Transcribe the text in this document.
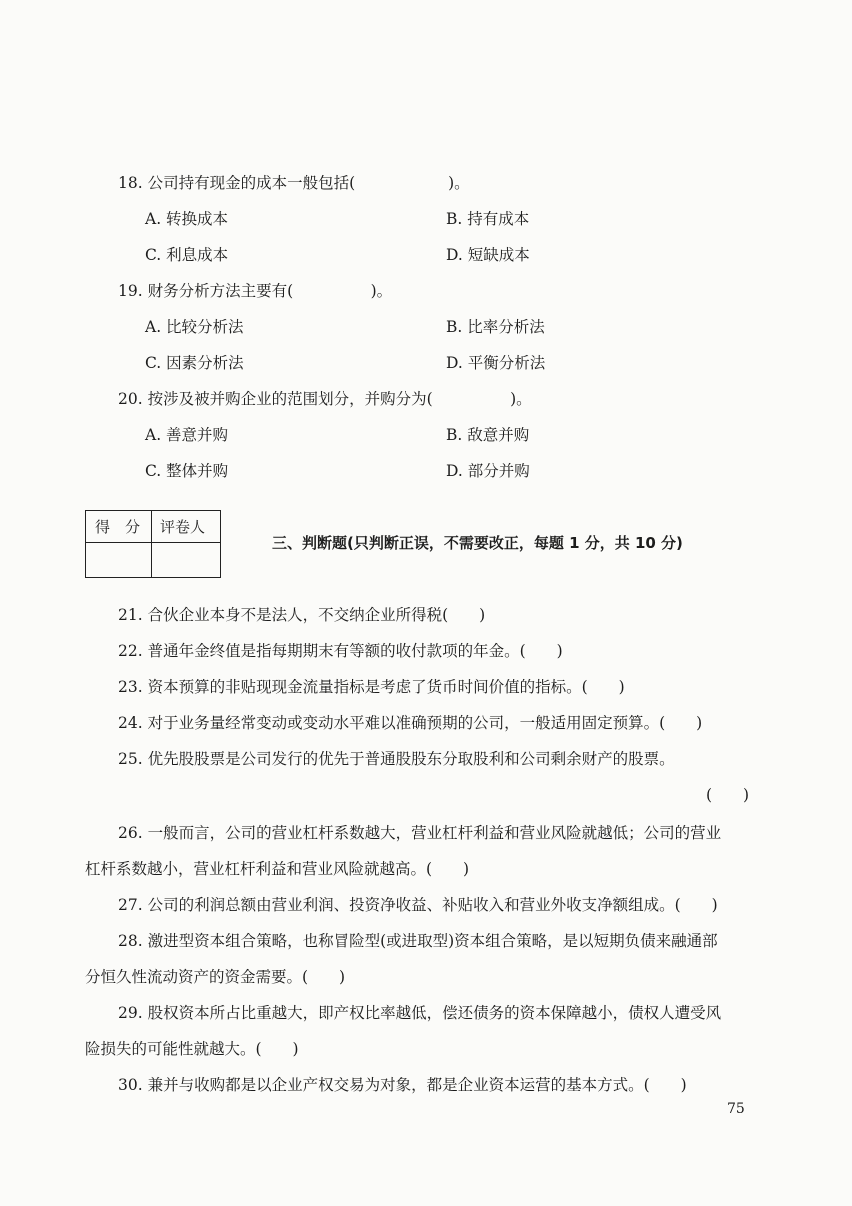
18. 公司持有现金的成本一般包括(　　　　　　)。
A. 转换成本	B. 持有成本
C. 利息成本	D. 短缺成本
19. 财务分析方法主要有(　　　　　)。
A. 比较分析法	B. 比率分析法
C. 因素分析法	D. 平衡分析法
20. 按涉及被并购企业的范围划分，并购分为(　　　　　)。
A. 善意并购	B. 敌意并购
C. 整体并购	D. 部分并购
得　分 评卷人
三、判断题(只判断正误，不需要改正，每题 1 分，共 10 分)
21. 合伙企业本身不是法人，不交纳企业所得税(　　)
22. 普通年金终值是指每期期末有等额的收付款项的年金。(　　)
23. 资本预算的非贴现现金流量指标是考虑了货币时间价值的指标。(　　)
24. 对于业务量经常变动或变动水平难以准确预期的公司，一般适用固定预算。(　　)
25. 优先股股票是公司发行的优先于普通股股东分取股利和公司剩余财产的股票。
(　　)
26. 一般而言，公司的营业杠杆系数越大，营业杠杆利益和营业风险就越低；公司的营业
杠杆系数越小，营业杠杆利益和营业风险就越高。(　　)
27. 公司的利润总额由营业利润、投资净收益、补贴收入和营业外收支净额组成。(　　)
28. 激进型资本组合策略，也称冒险型(或进取型)资本组合策略，是以短期负债来融通部
分恒久性流动资产的资金需要。(　　)
29. 股权资本所占比重越大，即产权比率越低，偿还债务的资本保障越小，债权人遭受风
险损失的可能性就越大。(　　)
30. 兼并与收购都是以企业产权交易为对象，都是企业资本运营的基本方式。(　　)
75
